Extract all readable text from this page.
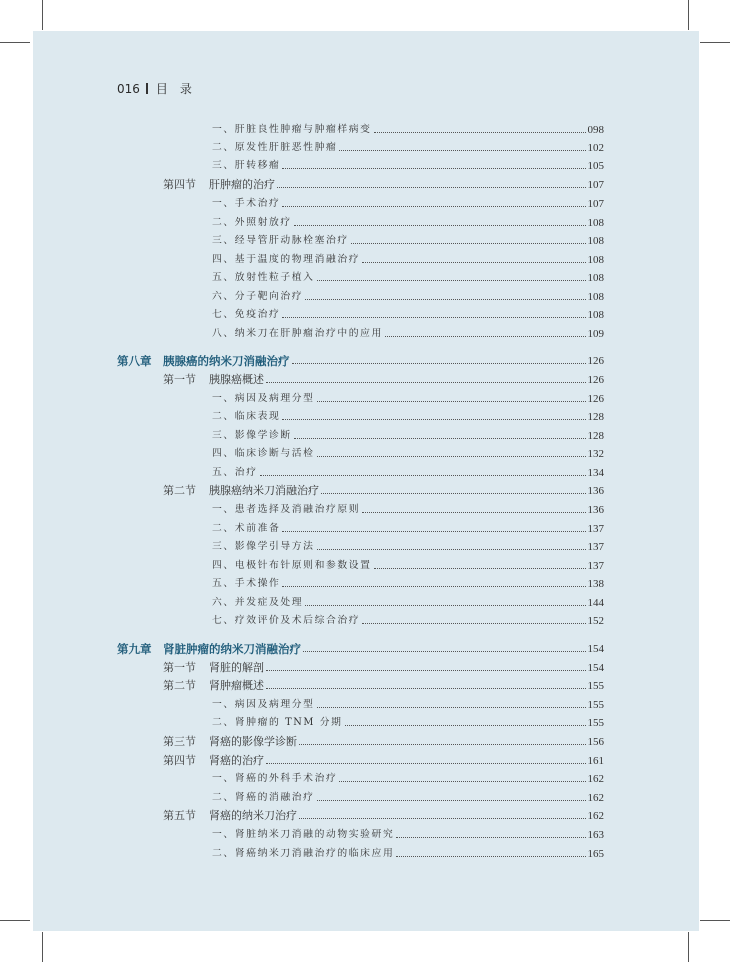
016 目录
一、肝脏良性肿瘤与肿瘤样病变	098
二、原发性肝脏恶性肿瘤	102
三、肝转移瘤	105
第四节	肝肿瘤的治疗	107
一、手术治疗	107
二、外照射放疗	108
三、经导管肝动脉栓塞治疗	108
四、基于温度的物理消融治疗	108
五、放射性粒子植入	108
六、分子靶向治疗	108
七、免疫治疗	108
八、纳米刀在肝肿瘤治疗中的应用	109
第八章	胰腺癌的纳米刀消融治疗	126
第一节	胰腺癌概述	126
一、病因及病理分型	126
二、临床表现	128
三、影像学诊断	128
四、临床诊断与活检	132
五、治疗	134
第二节	胰腺癌纳米刀消融治疗	136
一、患者选择及消融治疗原则	136
二、术前准备	137
三、影像学引导方法	137
四、电极针布针原则和参数设置	137
五、手术操作	138
六、并发症及处理	144
七、疗效评价及术后综合治疗	152
第九章	肾脏肿瘤的纳米刀消融治疗	154
第一节	肾脏的解剖	154
第二节	肾肿瘤概述	155
一、病因及病理分型	155
二、肾肿瘤的 TNM 分期	155
第三节	肾癌的影像学诊断	156
第四节	肾癌的治疗	161
一、肾癌的外科手术治疗	162
二、肾癌的消融治疗	162
第五节	肾癌的纳米刀治疗	162
一、肾脏纳米刀消融的动物实验研究	163
二、肾癌纳米刀消融治疗的临床应用	165
